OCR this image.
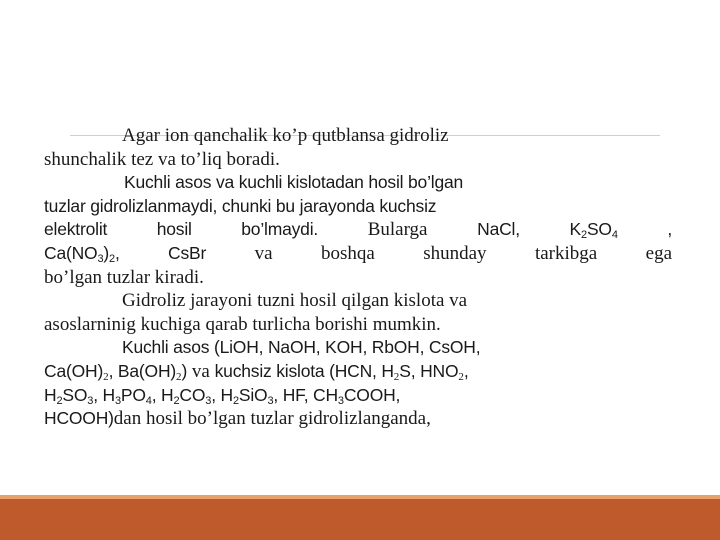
Agar ion qanchalik ko’p qutblansa gidroliz
shunchalik tez va to’liq boradi.

Kuchli asos va kuchli kislotadan hosil bo’lgan
tuzlar gidrolizlanmaydi, chunki bu jarayonda kuchsiz

elektrolit hosil bo’lmaydi.	Bularga	NaCl,	$K_2SO_4$	,
$Ca(NO_3)_2$,	CsBr	va boshqa shunday tarkibga ega
bo’lgan tuzlar kiradi.

Gidroliz jarayoni tuzni hosil qilgan kislota va
asoslarninig kuchiga qarab turlicha borishi mumkin.

Kuchli asos (LiOH, NaOH, KOH, RbOH, CsOH,
$Ca(OH)_2$, $Ba(OH)_2$) va kuchsiz kislota (HCN, $H_2S$, $HNO_2$,
$H_2SO_3$, $H_3PO_4$, $H_2CO_3$, $H_2SiO_3$, HF, $CH_3COOH$,
HCOOH)dan hosil bo’lgan tuzlar gidrolizlanganda,
